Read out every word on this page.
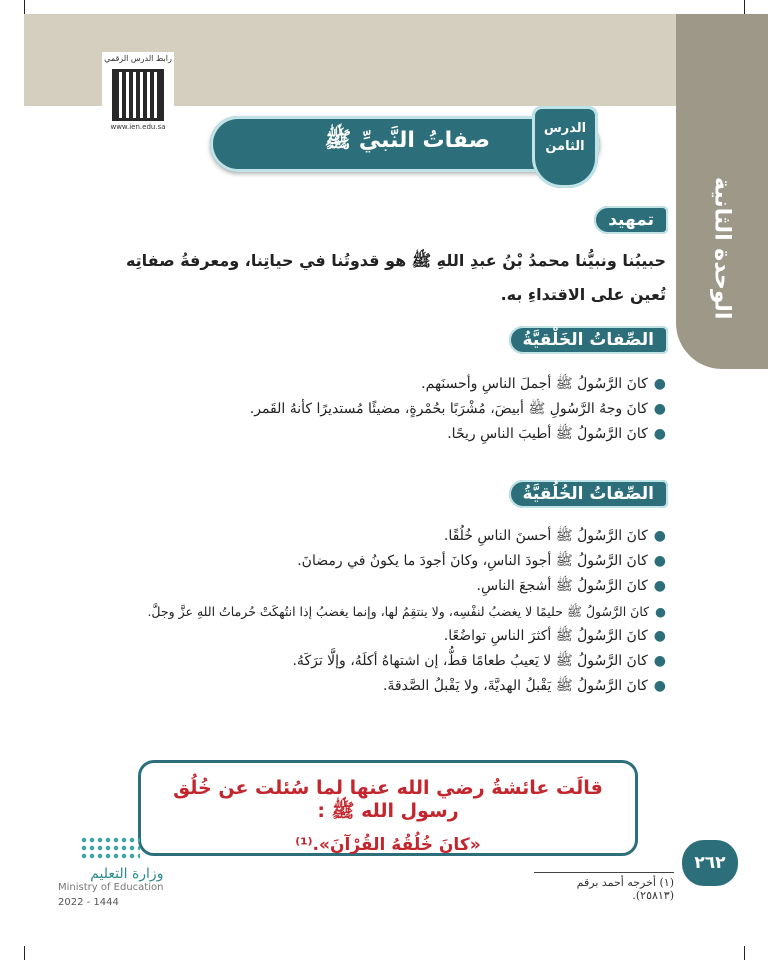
الوحدة الثانية
رابط الدرس الرقمي
www.ien.edu.sa
صفاتُ النَّبيِّ ﷺ	الدرس
الثامن
تمهيد
حبيبُنا ونبيُّنا محمدُ بْنُ عبدِ اللهِ ﷺ هو قدوتُنا في حياتِنا، ومعرفةُ صفاتِه تُعين على الاقتداءِ به.
الصِّفاتُ الخَلْقيَّةُ
●كانَ الرَّسُولُ ﷺ أجملَ الناسِ وأحسنَهم.
●كانَ وجهُ الرَّسُولِ ﷺ أبيضَ، مُشْرَبًا بحُمْرةٍ، مضيئًا مُستديرًا كأنهُ القَمر.
●كانَ الرَّسُولُ ﷺ أطيبَ الناسِ ريحًا.
الصِّفاتُ الخُلُقيَّةُ
●كانَ الرَّسُولُ ﷺ أحسنَ الناسِ خُلُقًا.
●كانَ الرَّسُولُ ﷺ أجودَ الناسِ، وكانَ أجودَ ما يكونُ في رمضانَ.
●كانَ الرَّسُولُ ﷺ أشجعَ الناسِ.
●كانَ الرَّسُولُ ﷺ حليمًا لا يغضبُ لنفْسِه، ولا ينتقِمُ لها، وإنما يغضبُ إذا انتُهكَتْ حُرماتُ اللهِ عزَّ وجلَّ.
●كانَ الرَّسُولُ ﷺ أكثرَ الناسِ تواضُعًا.
●كانَ الرَّسُولُ ﷺ لا يَعيبُ طعامًا قطُّ، إن اشتهاهُ أكلَهُ، وإلَّا ترَكَهُ.
●كانَ الرَّسُولُ ﷺ يَقْبلُ الهديَّةَ، ولا يَقْبلُ الصَّدقةَ.
قالَت عائشةُ رضي الله عنها لما سُئلت عن خُلُق رسول الله ﷺ :
«كانَ خُلُقُهُ القُرْآنَ».⁽¹⁾
(١) أخرجه أحمد برقم (٢٥٨١٣).
٢٦٢
وزارة التعليم
Ministry of Education
2022 - 1444
